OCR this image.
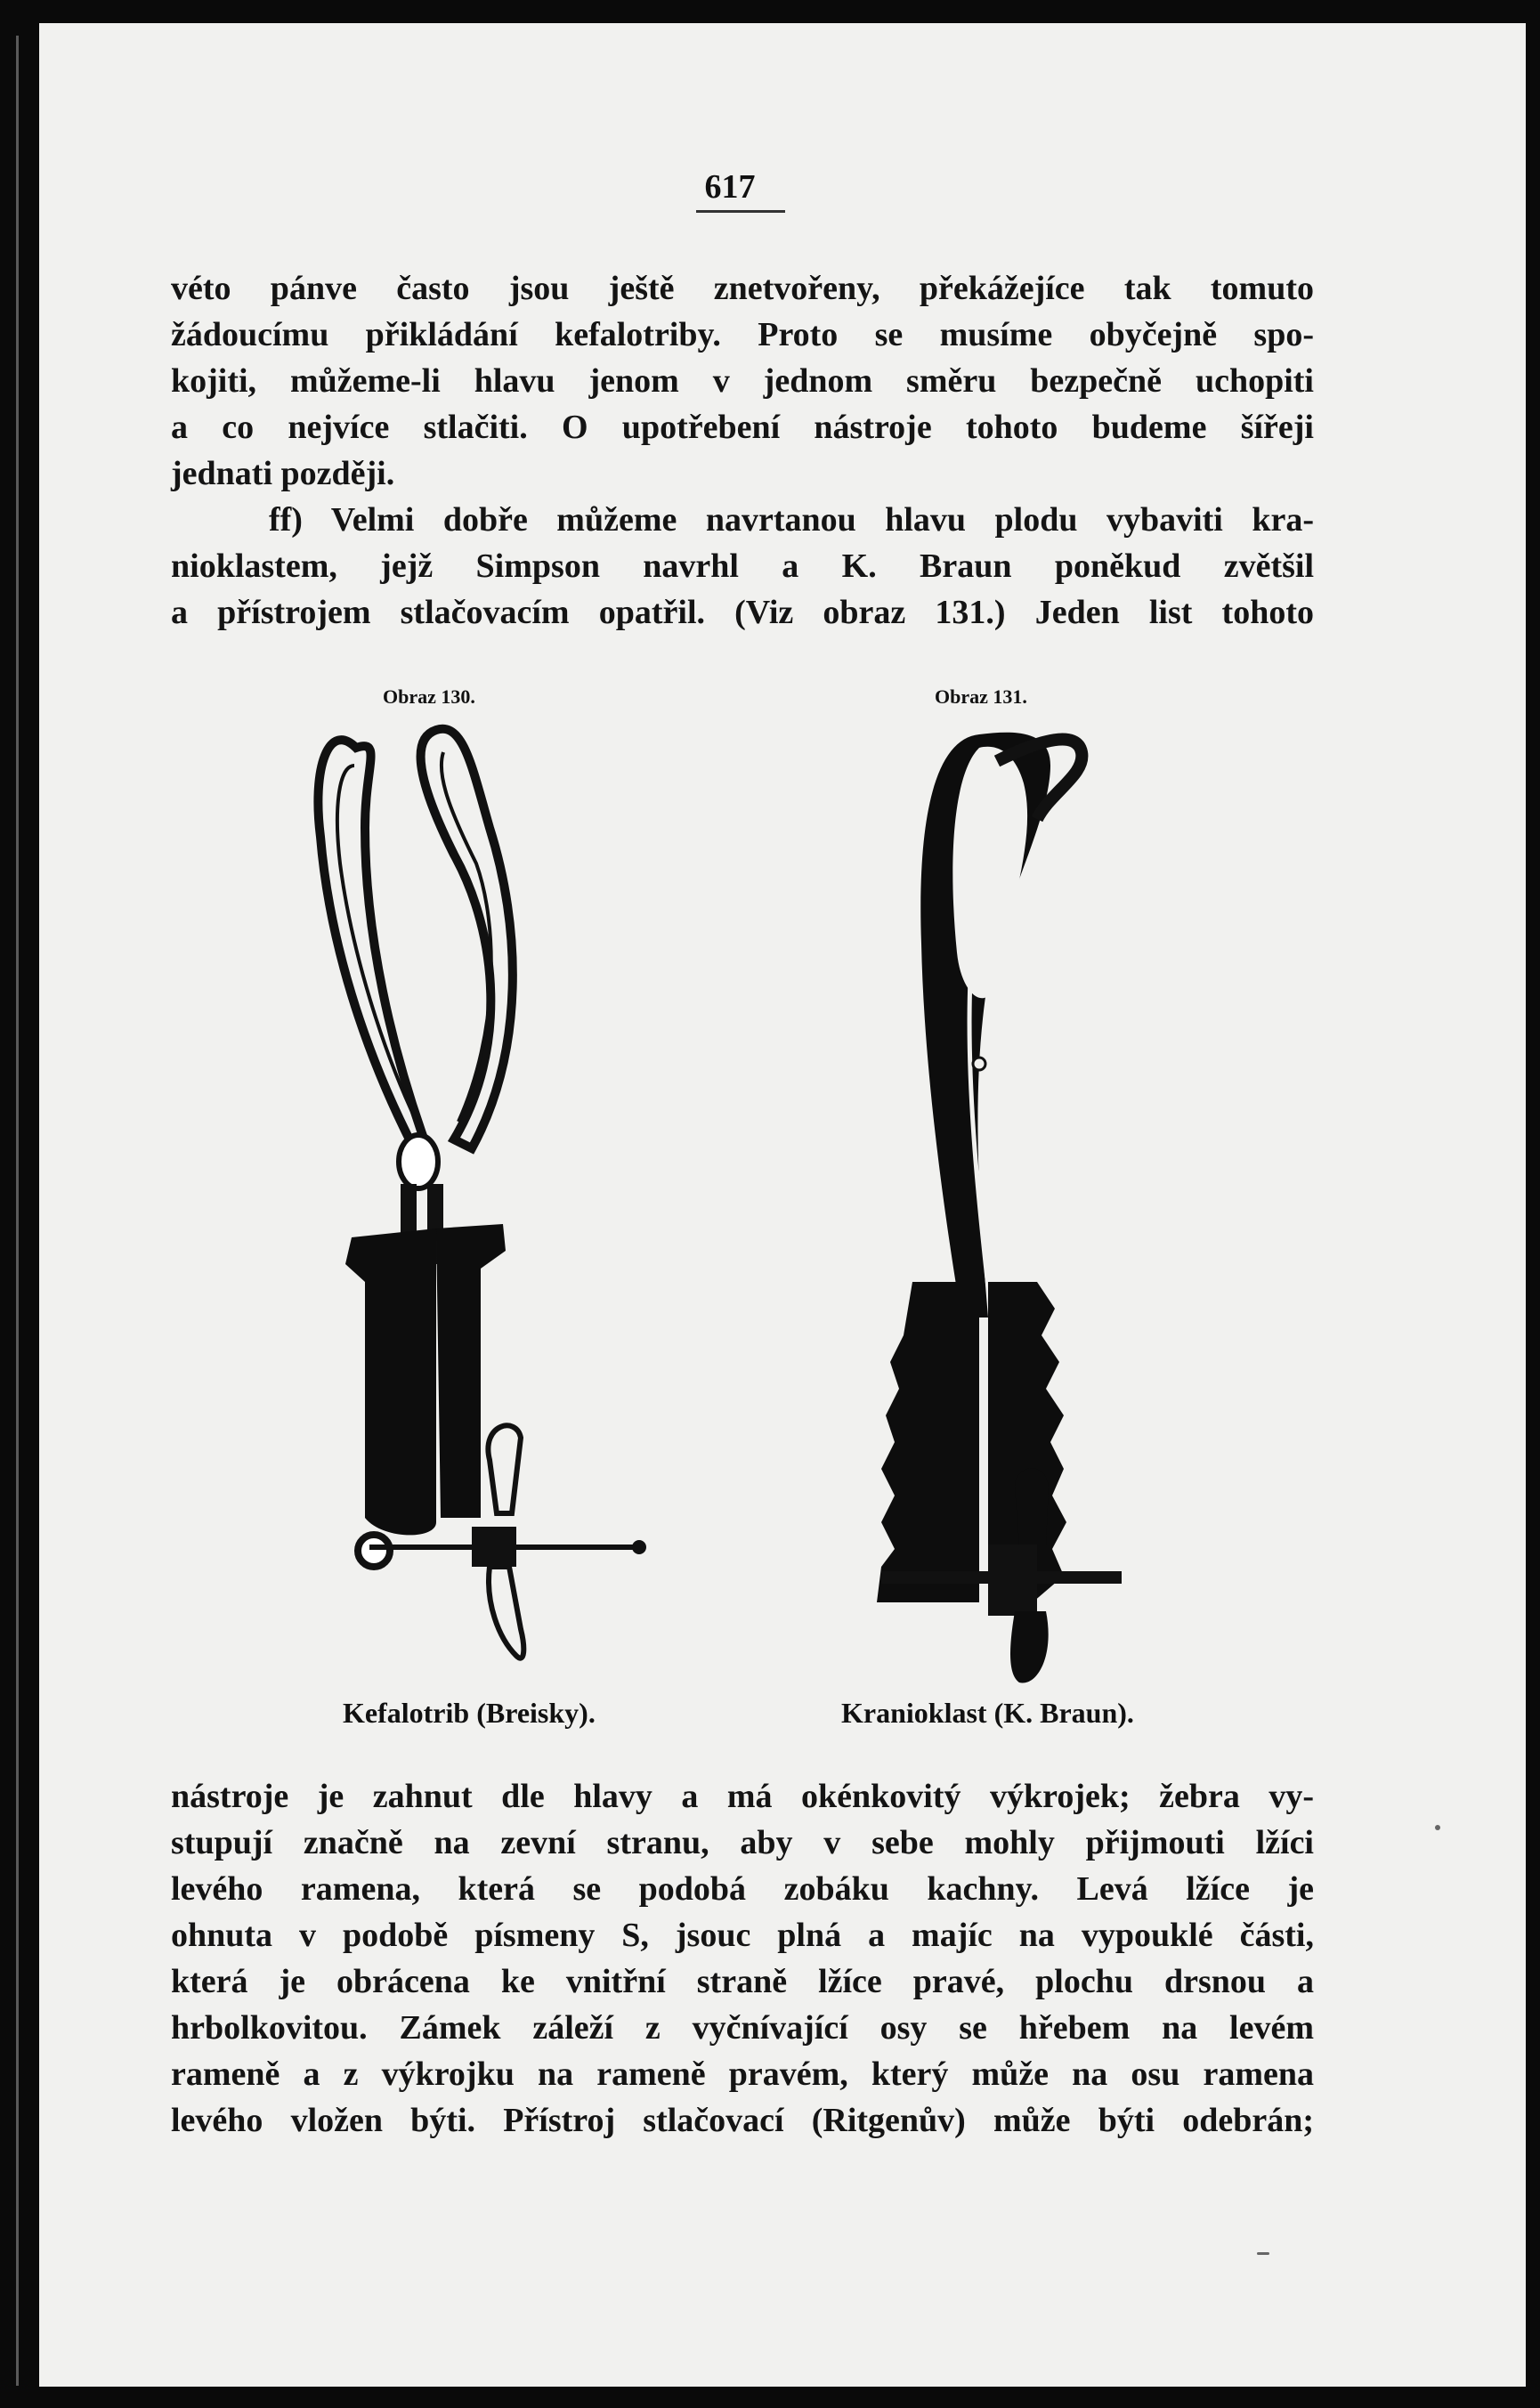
617
véto pánve často jsou ještě znetvořeny, překážejíce tak tomuto
žádoucímu přikládání kefalotriby. Proto se musíme obyčejně spo-
kojiti, můžeme-li hlavu jenom v jednom směru bezpečně uchopiti
a co nejvíce stlačiti. O upotřebení nástroje tohoto budeme šířeji
jednati později.
ff) Velmi dobře můžeme navrtanou hlavu plodu vybaviti kra-
nioklastem, jejž Simpson navrhl a K. Braun poněkud zvětšil
a přístrojem stlačovacím opatřil. (Viz obraz 131.) Jeden list tohoto
Obraz 130.
Kefalotrib (Breisky).
Obraz 131.
Kranioklast (K. Braun).
nástroje je zahnut dle hlavy a má okénkovitý výkrojek; žebra vy-
stupují značně na zevní stranu, aby v sebe mohly přijmouti lžíci
levého ramena, která se podobá zobáku kachny. Levá lžíce je
ohnuta v podobě písmeny S, jsouc plná a majíc na vypouklé části,
která je obrácena ke vnitřní straně lžíce pravé, plochu drsnou a
hrbolkovitou. Zámek záleží z vyčnívající osy se hřebem na levém
rameně a z výkrojku na rameně pravém, který může na osu ramena
levého vložen býti. Přístroj stlačovací (Ritgenův) může býti odebrán;
